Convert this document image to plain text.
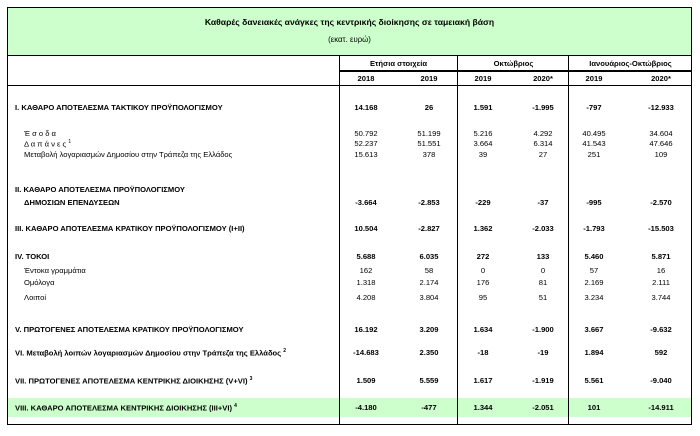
Καθαρές δανειακές ανάγκες της κεντρικής διοίκησης σε ταμειακή βάση
(εκατ. ευρώ)
Ετήσια στοιχεία	Οκτώβριος	Ιανουάριος-Οκτώβριος
2018	2019	2019	2020*	2019	2020*
I. ΚΑΘΑΡΟ ΑΠΟΤΕΛΕΣΜΑ ΤΑΚΤΙΚΟΥ ΠΡΟΫΠΟΛΟΓΙΣΜΟΥ	14.168	26	1.591	-1.995	-797	-12.933
Έ σ ο δ α	50.792	51.199	5.216	4.292	40.495	34.604
Δ α π ά ν ε ς $^1$	52.237	51.551	3.664	6.314	41.543	47.646
Μεταβολή λογαριασμών Δημοσίου στην Τράπεζα της Ελλάδος	15.613	378	39	27	251	109
II. ΚΑΘΑΡΟ ΑΠΟΤΕΛΕΣΜΑ ΠΡΟΫΠΟΛΟΓΙΣΜΟΥ
ΔΗΜΟΣΙΩΝ ΕΠΕΝΔΥΣΕΩΝ	-3.664	-2.853	-229	-37	-995	-2.570
III. ΚΑΘΑΡΟ ΑΠΟΤΕΛΕΣΜΑ ΚΡΑΤΙΚΟΥ ΠΡΟΫΠΟΛΟΓΙΣΜΟΥ (I+II)	10.504	-2.827	1.362	-2.033	-1.793	-15.503
IV. ΤΟΚΟΙ	5.688	6.035	272	133	5.460	5.871
Έντοκα γραμμάτια	162	58	0	0	57	16
Ομόλογα	1.318	2.174	176	81	2.169	2.111
Λοιποί	4.208	3.804	95	51	3.234	3.744
V. ΠΡΩΤΟΓΕΝΕΣ ΑΠΟΤΕΛΕΣΜΑ ΚΡΑΤΙΚΟΥ ΠΡΟΫΠΟΛΟΓΙΣΜΟΥ	16.192	3.209	1.634	-1.900	3.667	-9.632
VI. Μεταβολή λοιπών λογαριασμών Δημοσίου στην Τράπεζα της Ελλάδος $^2$	-14.683	2.350	-18	-19	1.894	592
VII. ΠΡΩΤΟΓΕΝΕΣ ΑΠΟΤΕΛΕΣΜΑ ΚΕΝΤΡΙΚΗΣ ΔΙΟΙΚΗΣΗΣ (V+VI) $^3$	1.509	5.559	1.617	-1.919	5.561	-9.040
VIII. ΚΑΘΑΡΟ ΑΠΟΤΕΛΕΣΜΑ ΚΕΝΤΡΙΚΗΣ ΔΙΟΙΚΗΣΗΣ (III+VI) $^4$	-4.180	-477	1.344	-2.051	101	-14.911
